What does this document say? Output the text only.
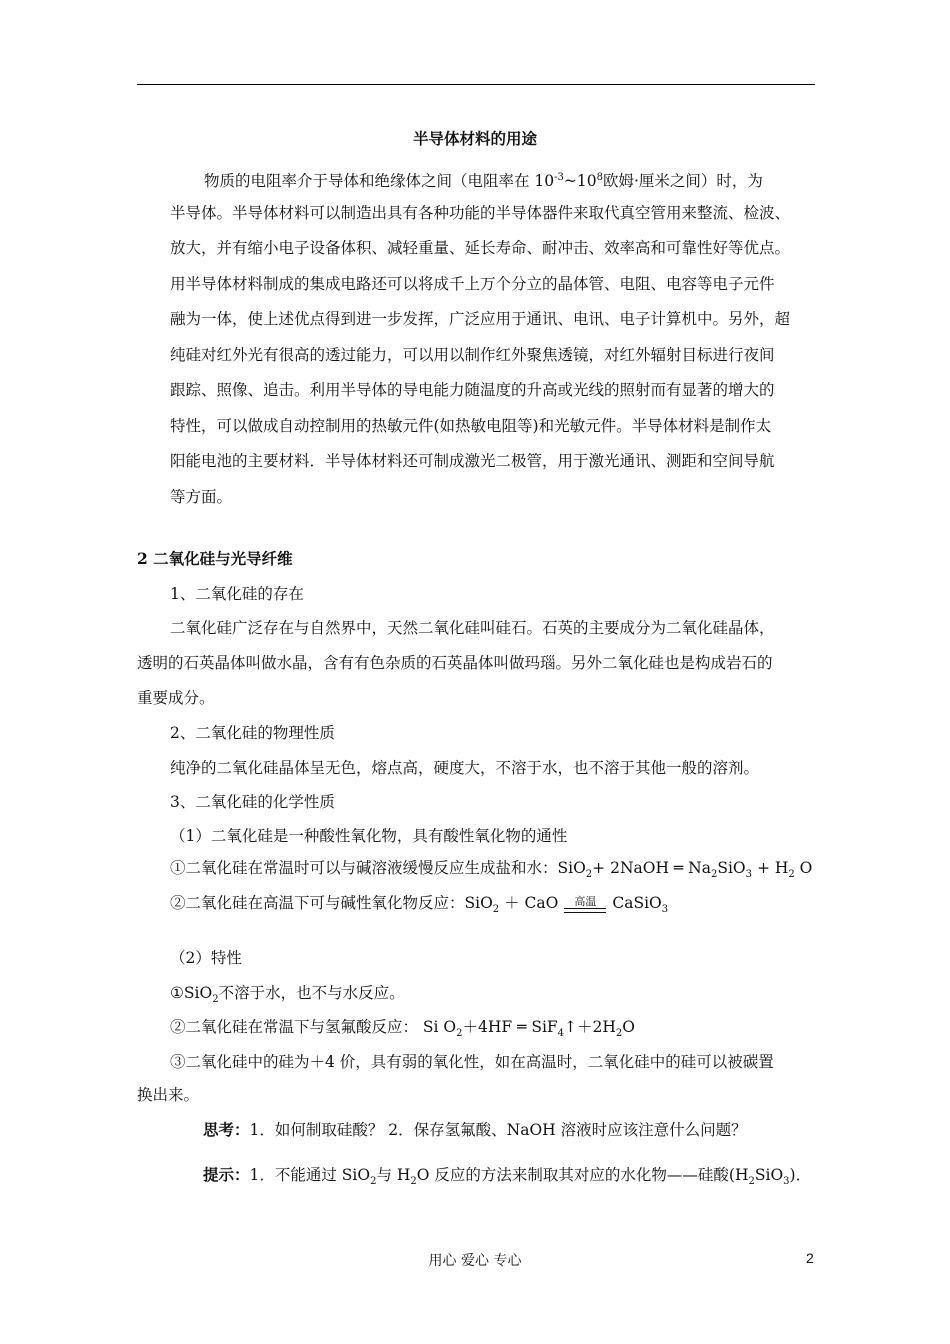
半导体材料的用途
物质的电阻率介于导体和绝缘体之间（电阻率在 $10^{-3}\sim 10^8$欧姆·厘米之间）时，为
半导体。半导体材料可以制造出具有各种功能的半导体器件来取代真空管用来整流、检波、
放大，并有缩小电子设备体积、减轻重量、延长寿命、耐冲击、效率高和可靠性好等优点。
用半导体材料制成的集成电路还可以将成千上万个分立的晶体管、电阻、电容等电子元件
融为一体，使上述优点得到进一步发挥，广泛应用于通讯、电讯、电子计算机中。另外，超
纯硅对红外光有很高的透过能力，可以用以制作红外聚焦透镜，对红外辐射目标进行夜间
跟踪、照像、追击。利用半导体的导电能力随温度的升高或光线的照射而有显著的增大的
特性，可以做成自动控制用的热敏元件(如热敏电阻等)和光敏元件。半导体材料是制作太
阳能电池的主要材料．半导体材料还可制成激光二极管，用于激光通讯、测距和空间导航
等方面。
2 二氧化硅与光导纤维
1、二氧化硅的存在
二氧化硅广泛存在与自然界中，天然二氧化硅叫硅石。石英的主要成分为二氧化硅晶体，
透明的石英晶体叫做水晶，含有有色杂质的石英晶体叫做玛瑙。另外二氧化硅也是构成岩石的
重要成分。
2、二氧化硅的物理性质
纯净的二氧化硅晶体呈无色，熔点高，硬度大，不溶于水，也不溶于其他一般的溶剂。
3、二氧化硅的化学性质
（1）二氧化硅是一种酸性氧化物，具有酸性氧化物的通性
①二氧化硅在常温时可以与碱溶液缓慢反应生成盐和水：SiO$_2$+ 2NaOH ═ $Na_2SiO_3 + H_2$ O
②二氧化硅在高温下可与碱性氧化物反应：SiO$_2$ ＋ CaO	高温	CaSiO$_3$
（2）特性
①SiO$_2$不溶于水，也不与水反应。
②二氧化硅在常温下与氢氟酸反应： Si $O_2+4HF$ ═ $SiF_4↑+2H_2O$
③二氧化硅中的硅为＋4 价，具有弱的氧化性，如在高温时，二氧化硅中的硅可以被碳置
换出来。
思考：1．如何制取硅酸？ 2．保存氢氟酸、NaOH 溶液时应该注意什么问题？
提示：1．不能通过 SiO$_2$与 $H_2O$ 反应的方法来制取其对应的水化物——硅酸$(H_2SiO_3)$．
用心 爱心 专心	2
